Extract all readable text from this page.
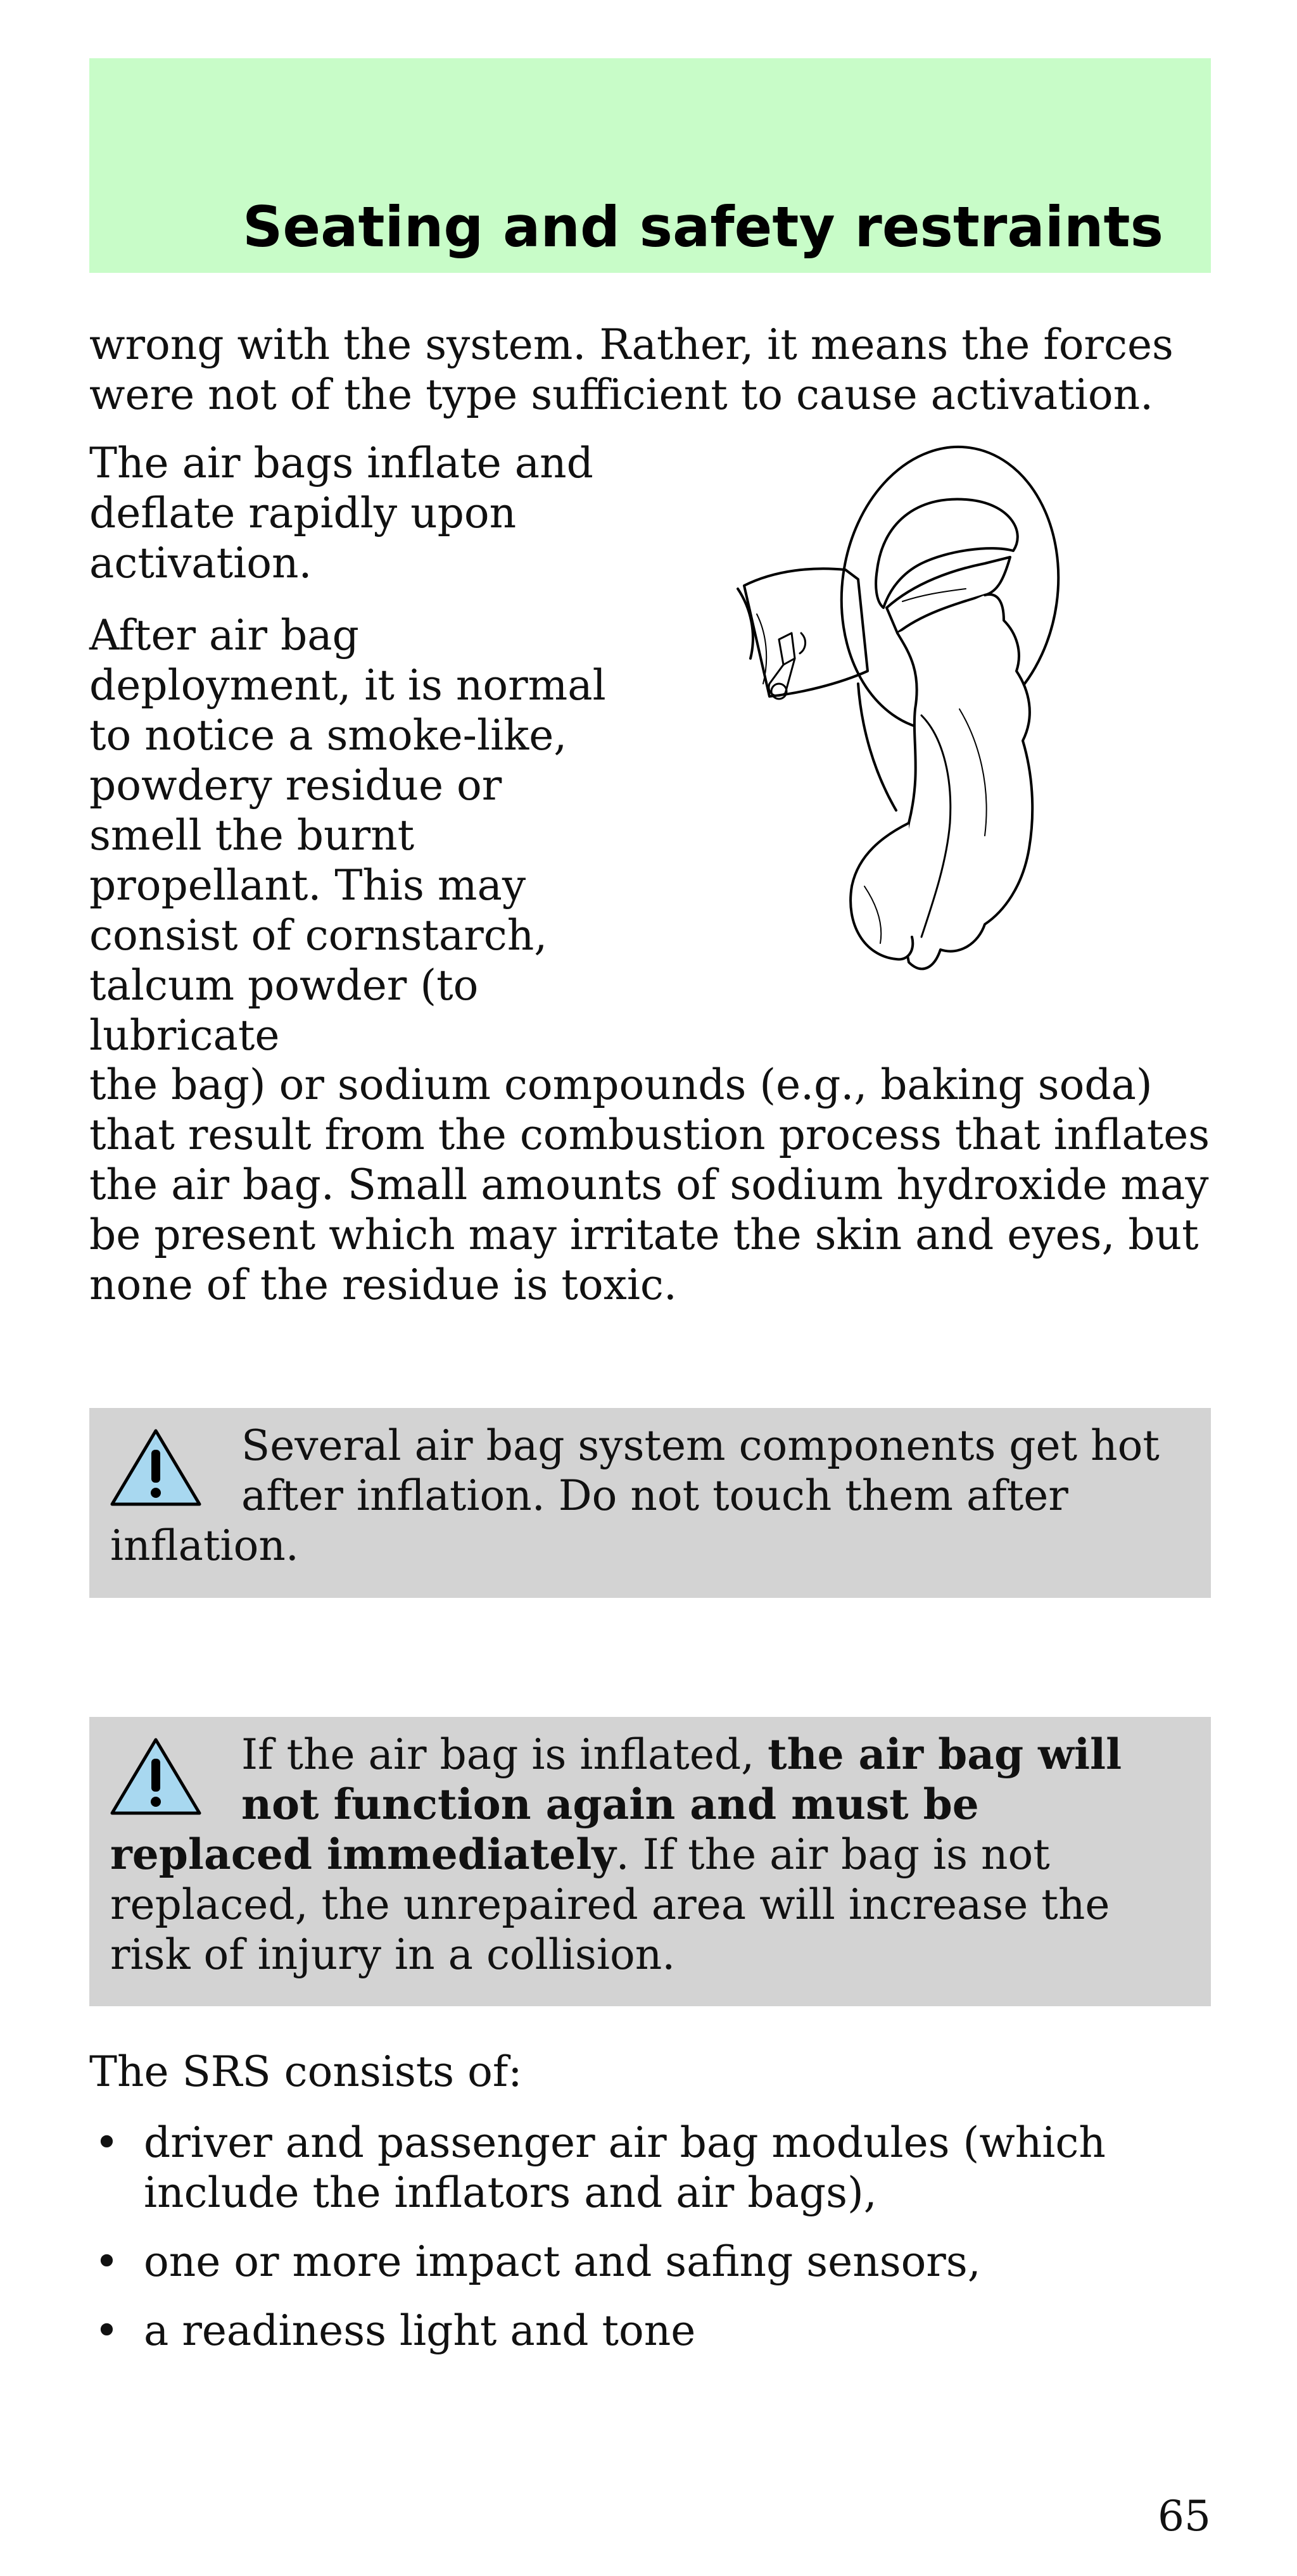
Seating and safety restraints

wrong with the system. Rather, it means the forces were not of the type sufficient to cause activation.

The air bags inflate and deflate rapidly upon activation.

After air bag deployment, it is normal to notice a smoke-like, powdery residue or smell the burnt propellant. This may consist of cornstarch, talcum powder (to lubricate

the bag) or sodium compounds (e.g., baking soda) that result from the combustion process that inflates the air bag. Small amounts of sodium hydroxide may be present which may irritate the skin and eyes, but none of the residue is toxic.

Several air bag system components get hot after inflation. Do not touch them after inflation.

If the air bag is inflated, the air bag will not function again and must be replaced immediately. If the air bag is not replaced, the unrepaired area will increase the risk of injury in a collision.

The SRS consists of:

• driver and passenger air bag modules (which include the inflators and air bags),
• one or more impact and safing sensors,
• a readiness light and tone

65
